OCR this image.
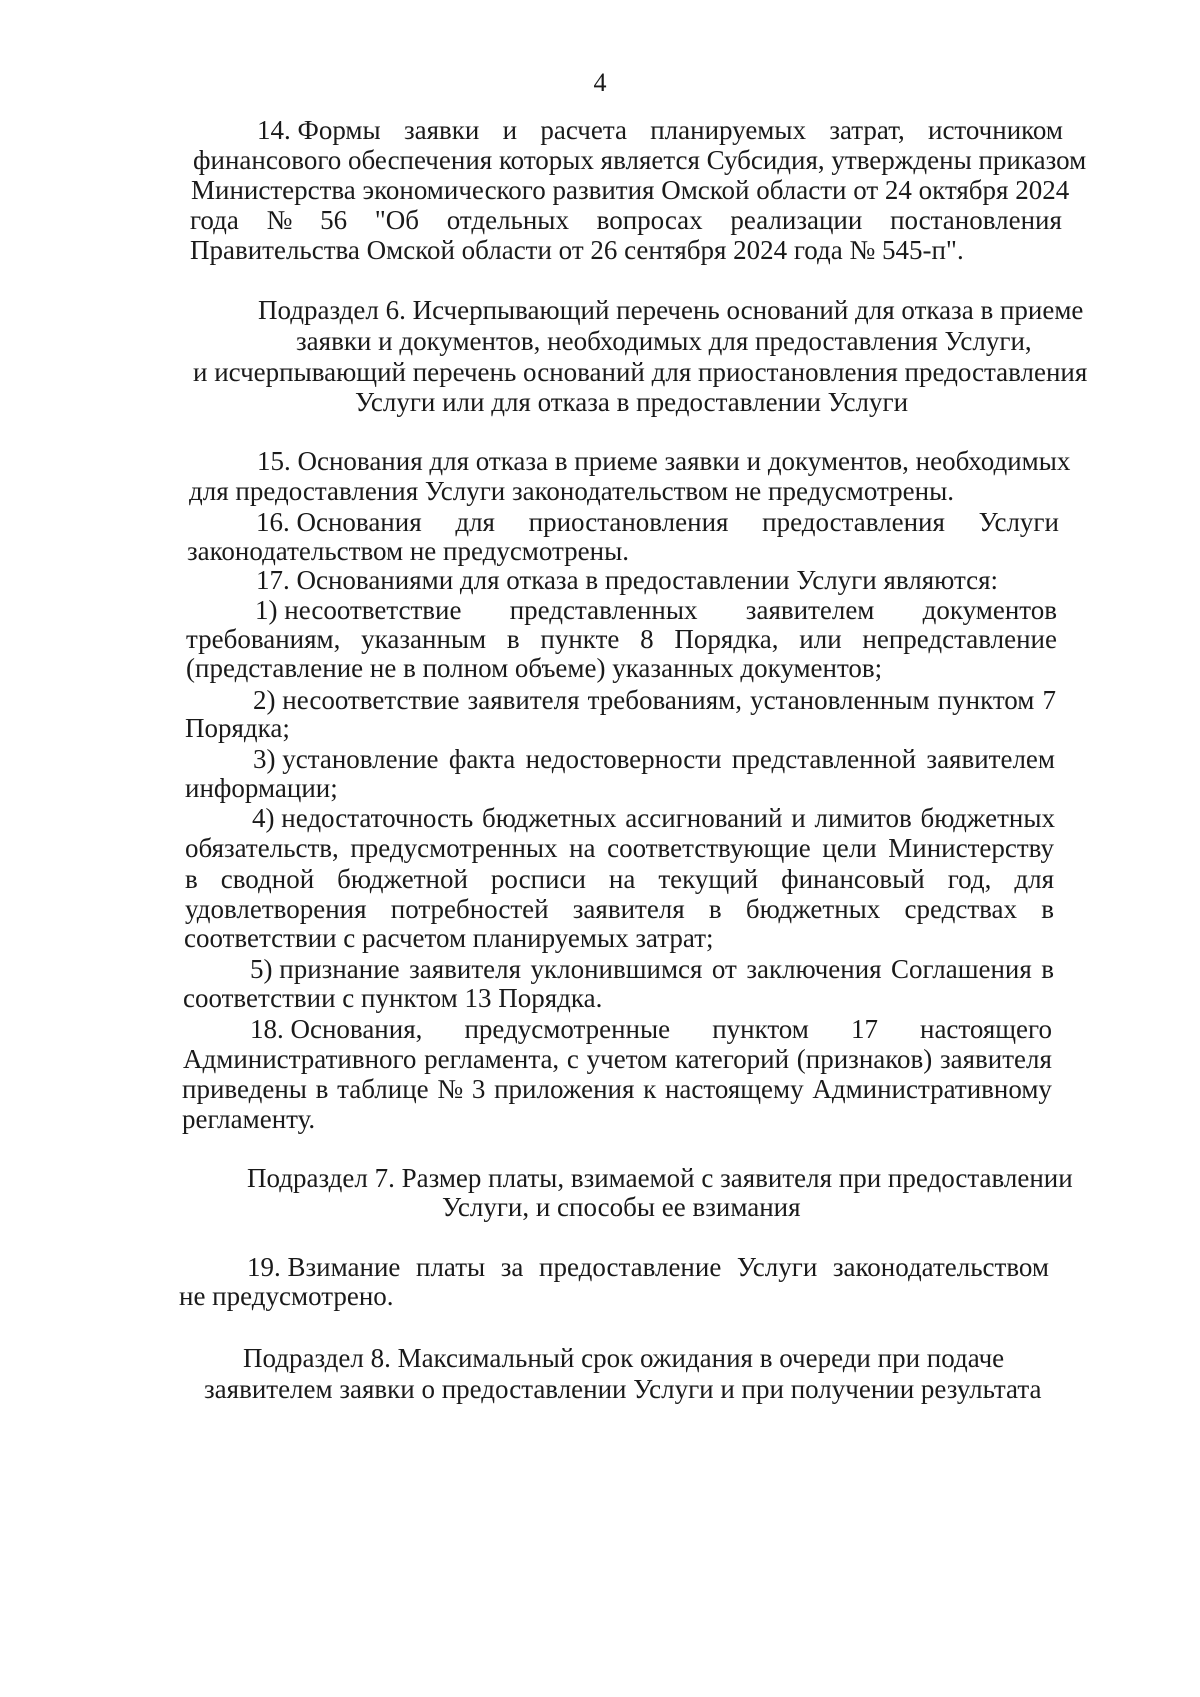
4
14. Формы заявки и расчета планируемых затрат, источником
финансового обеспечения которых является Субсидия, утверждены приказом
Министерства экономического развития Омской области от 24 октября 2024
года № 56 "Об отдельных вопросах реализации постановления
Правительства Омской области от 26 сентября 2024 года № 545-п".
Подраздел 6. Исчерпывающий перечень оснований для отказа в приеме
заявки и документов, необходимых для предоставления Услуги,
и исчерпывающий перечень оснований для приостановления предоставления
Услуги или для отказа в предоставлении Услуги
15. Основания для отказа в приеме заявки и документов, необходимых
для предоставления Услуги законодательством не предусмотрены.
16. Основания для приостановления предоставления Услуги
законодательством не предусмотрены.
17. Основаниями для отказа в предоставлении Услуги являются:
1) несоответствие представленных заявителем документов
требованиям, указанным в пункте 8 Порядка, или непредставление
(представление не в полном объеме) указанных документов;
2) несоответствие заявителя требованиям, установленным пунктом 7
Порядка;
3) установление факта недостоверности представленной заявителем
информации;
4) недостаточность бюджетных ассигнований и лимитов бюджетных
обязательств, предусмотренных на соответствующие цели Министерству
в сводной бюджетной росписи на текущий финансовый год, для
удовлетворения потребностей заявителя в бюджетных средствах в
соответствии с расчетом планируемых затрат;
5) признание заявителя уклонившимся от заключения Соглашения в
соответствии с пунктом 13 Порядка.
18. Основания, предусмотренные пунктом 17 настоящего
Административного регламента, с учетом категорий (признаков) заявителя
приведены в таблице № 3 приложения к настоящему Административному
регламенту.
Подраздел 7. Размер платы, взимаемой с заявителя при предоставлении
Услуги, и способы ее взимания
19. Взимание платы за предоставление Услуги законодательством
не предусмотрено.
Подраздел 8. Максимальный срок ожидания в очереди при подаче
заявителем заявки о предоставлении Услуги и при получении результата
